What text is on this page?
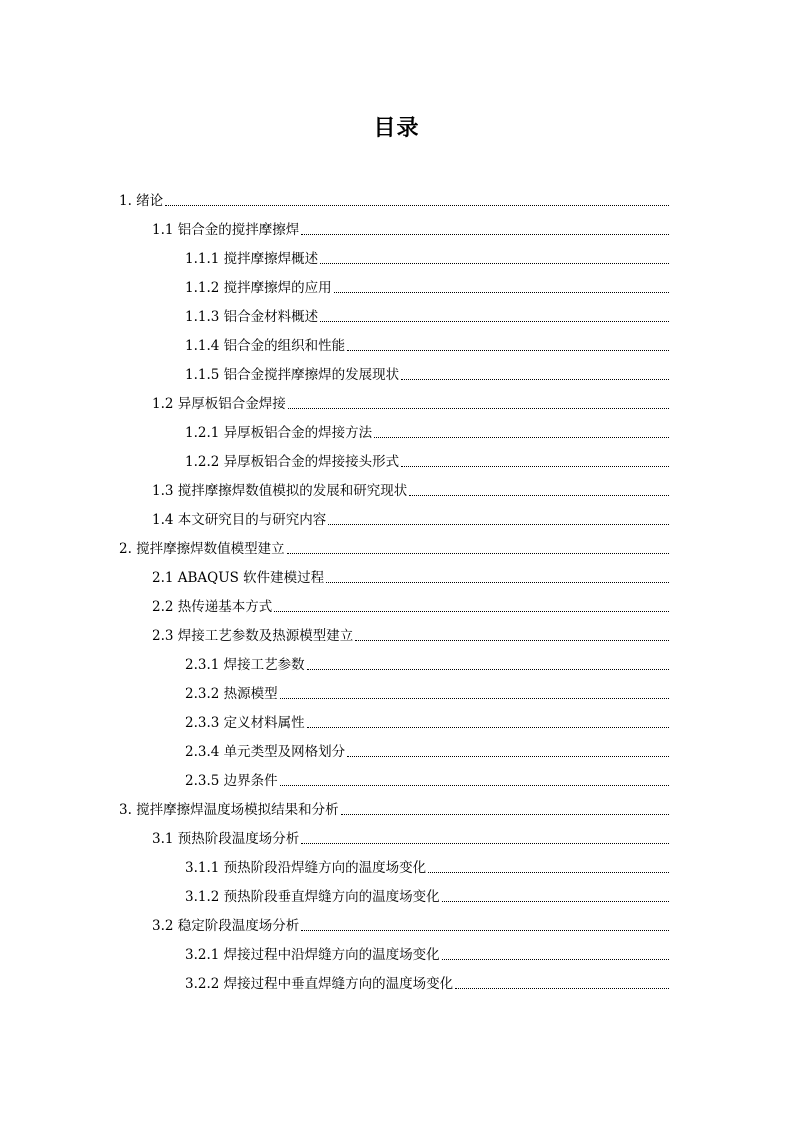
目录
1. 绪论
1.1 铝合金的搅拌摩擦焊
1.1.1 搅拌摩擦焊概述
1.1.2 搅拌摩擦焊的应用
1.1.3 铝合金材料概述
1.1.4 铝合金的组织和性能
1.1.5 铝合金搅拌摩擦焊的发展现状
1.2 异厚板铝合金焊接
1.2.1 异厚板铝合金的焊接方法
1.2.2 异厚板铝合金的焊接接头形式
1.3 搅拌摩擦焊数值模拟的发展和研究现状
1.4 本文研究目的与研究内容
2. 搅拌摩擦焊数值模型建立
2.1 ABAQUS 软件建模过程
2.2 热传递基本方式
2.3 焊接工艺参数及热源模型建立
2.3.1 焊接工艺参数
2.3.2 热源模型
2.3.3 定义材料属性
2.3.4 单元类型及网格划分
2.3.5 边界条件
3. 搅拌摩擦焊温度场模拟结果和分析
3.1 预热阶段温度场分析
3.1.1 预热阶段沿焊缝方向的温度场变化
3.1.2 预热阶段垂直焊缝方向的温度场变化
3.2 稳定阶段温度场分析
3.2.1 焊接过程中沿焊缝方向的温度场变化
3.2.2 焊接过程中垂直焊缝方向的温度场变化
